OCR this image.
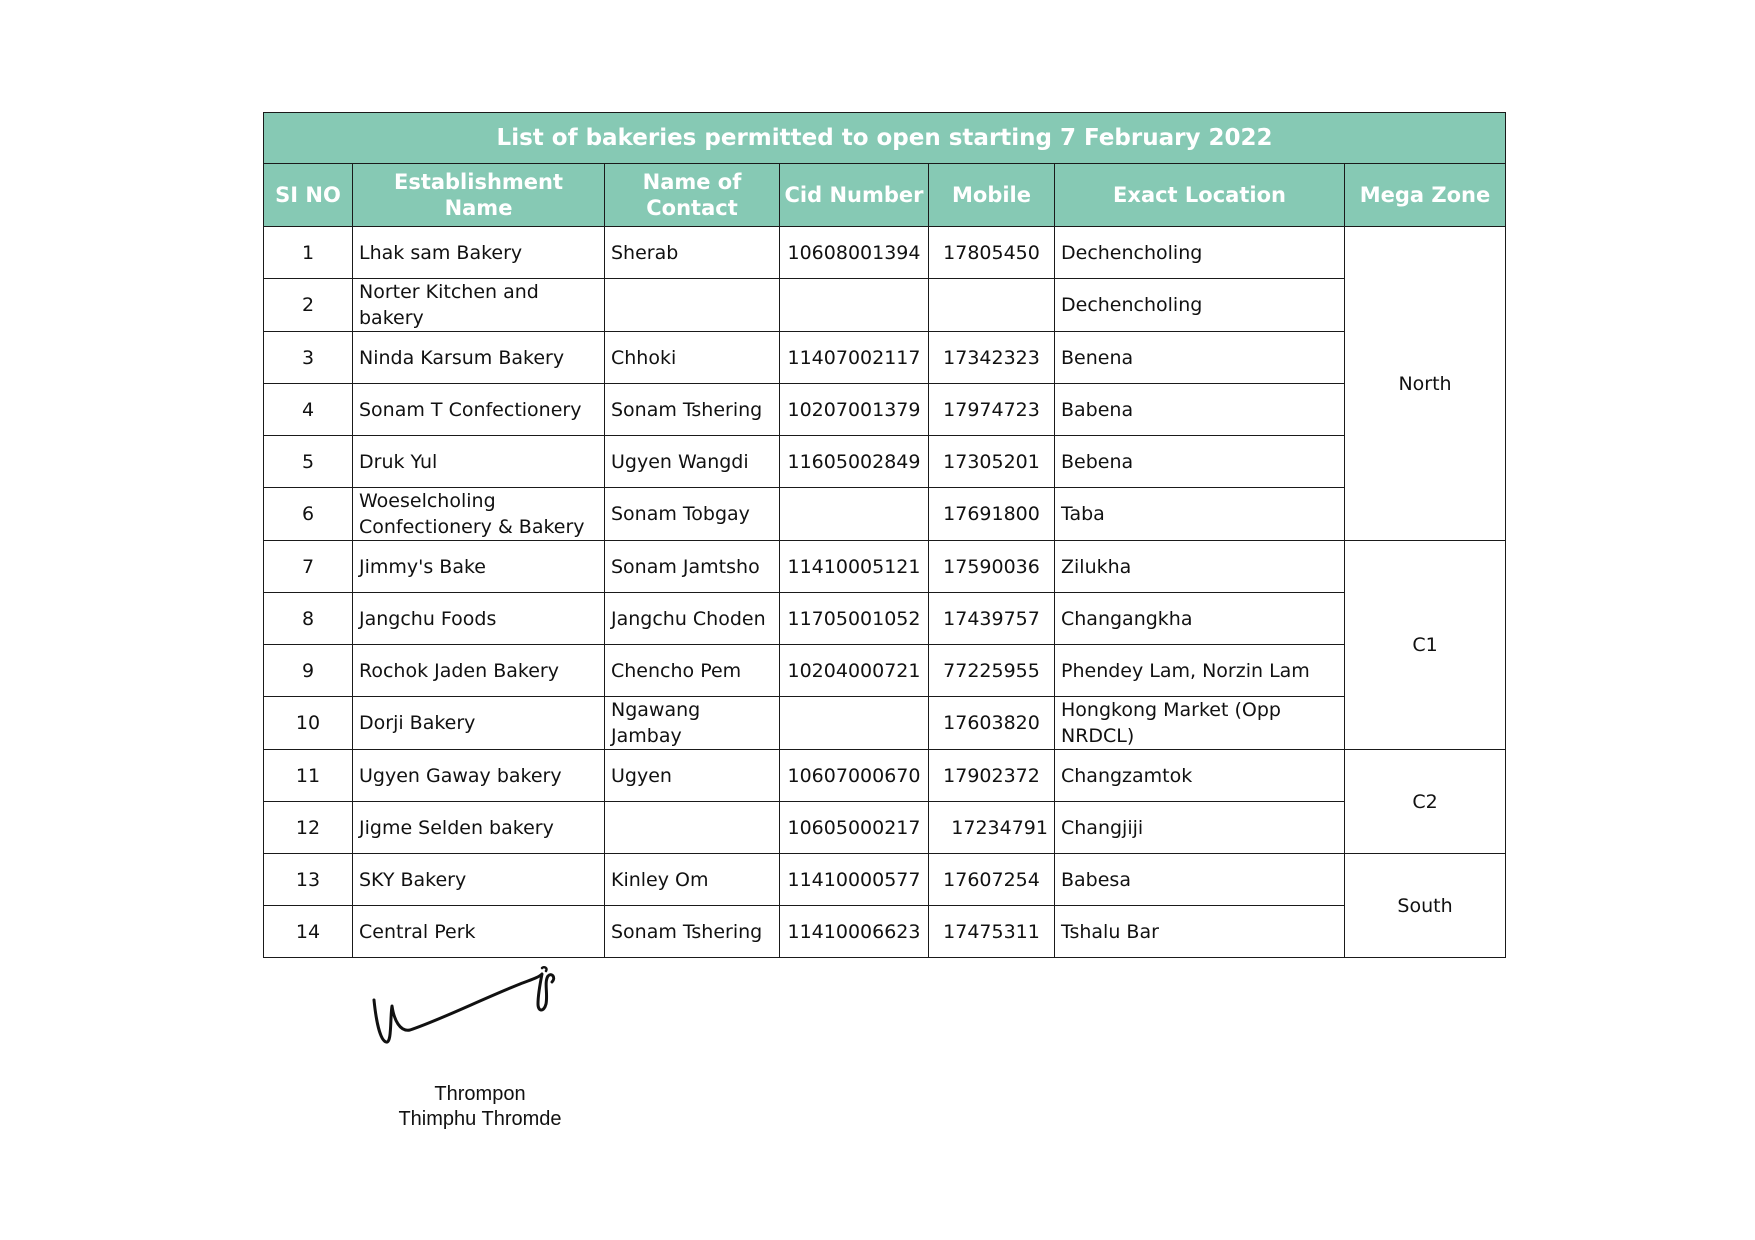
List of bakeries permitted to open starting 7 February 2022						
SI NO	Establishment Name	Name of Contact	Cid Number	Mobile	Exact Location	Mega Zone
1	Lhak sam Bakery	Sherab	10608001394	17805450	Dechencholing	North
2	Norter Kitchen and bakery				Dechencholing	
3	Ninda Karsum Bakery	Chhoki	11407002117	17342323	Benena	
4	Sonam T Confectionery	Sonam Tshering	10207001379	17974723	Babena	
5	Druk Yul	Ugyen Wangdi	11605002849	17305201	Bebena	
6	Woeselcholing Confectionery & Bakery	Sonam Tobgay		17691800	Taba	
7	Jimmy's Bake	Sonam Jamtsho	11410005121	17590036	Zilukha	C1
8	Jangchu Foods	Jangchu Choden	11705001052	17439757	Changangkha	
9	Rochok Jaden Bakery	Chencho Pem	10204000721	77225955	Phendey Lam, Norzin Lam	
10	Dorji Bakery	Ngawang Jambay		17603820	Hongkong Market (Opp NRDCL)	
11	Ugyen Gaway bakery	Ugyen	10607000670	17902372	Changzamtok	C2
12	Jigme Selden bakery		10605000217	17234791	Changjiji	
13	SKY Bakery	Kinley Om	11410000577	17607254	Babesa	South
14	Central Perk	Sonam Tshering	11410006623	17475311	Tshalu Bar	
Thrompon
Thimphu Thromde
